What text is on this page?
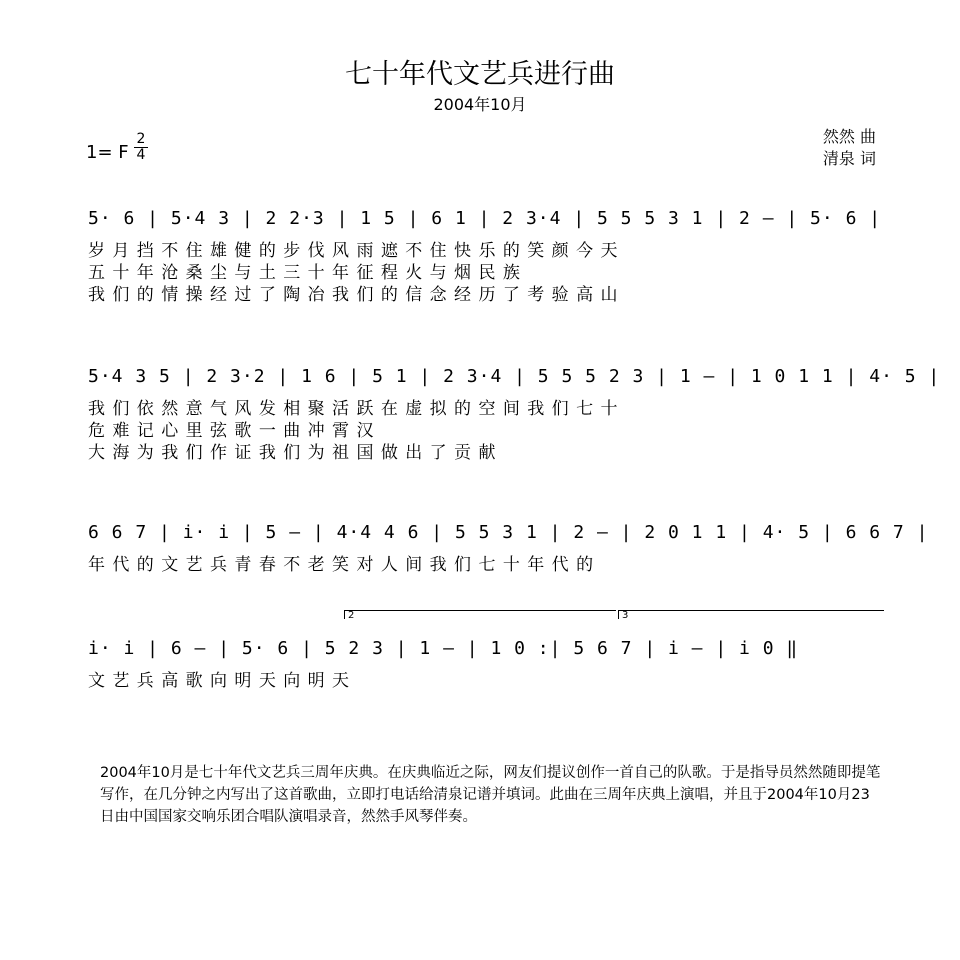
七十年代文艺兵进行曲
2004年10月
1= F
2
4
然然 曲
清泉 词
5· 6 | 5·4 3 | 2 2·3 | 1 5 | 6 1 | 2 3·4 | 5 5 5 3 1 | 2 – | 5· 6 |
岁 月 挡 不 住 雄 健 的 步 伐 风 雨 遮 不 住 快 乐 的 笑 颜 今 天
五 十 年 沧 桑 尘 与 土 三 十 年 征 程 火 与 烟 民 族
我 们 的 情 操 经 过 了 陶 冶 我 们 的 信 念 经 历 了 考 验 高 山
5·4 3 5 | 2 3·2 | 1 6 | 5 1 | 2 3·4 | 5 5 5 2 3 | 1 – | 1 0 1 1 | 4· 5 |
我 们 依 然 意 气 风 发 相 聚 活 跃 在 虚 拟 的 空 间 我 们 七 十
危 难 记 心 里 弦 歌 一 曲 冲 霄 汉
大 海 为 我 们 作 证 我 们 为 祖 国 做 出 了 贡 献
6 6 7 | i· i | 5 – | 4·4 4 6 | 5 5 3 1 | 2 – | 2 0 1 1 | 4· 5 | 6 6 7 |
年 代 的 文 艺 兵 青 春 不 老 笑 对 人 间 我 们 七 十 年 代 的
2	3
i· i | 6 – | 5· 6 | 5 2 3 | 1 – | 1 0 :| 5 6 7 | i – | i 0 ‖
文 艺 兵 高 歌 向 明 天 向 明 天
2004年10月是七十年代文艺兵三周年庆典。在庆典临近之际，网友们提议创作一首自己的队歌。于是指导员然然随即提笔写作，在几分钟之内写出了这首歌曲，立即打电话给清泉记谱并填词。此曲在三周年庆典上演唱，并且于2004年10月23日由中国国家交响乐团合唱队演唱录音，然然手风琴伴奏。
